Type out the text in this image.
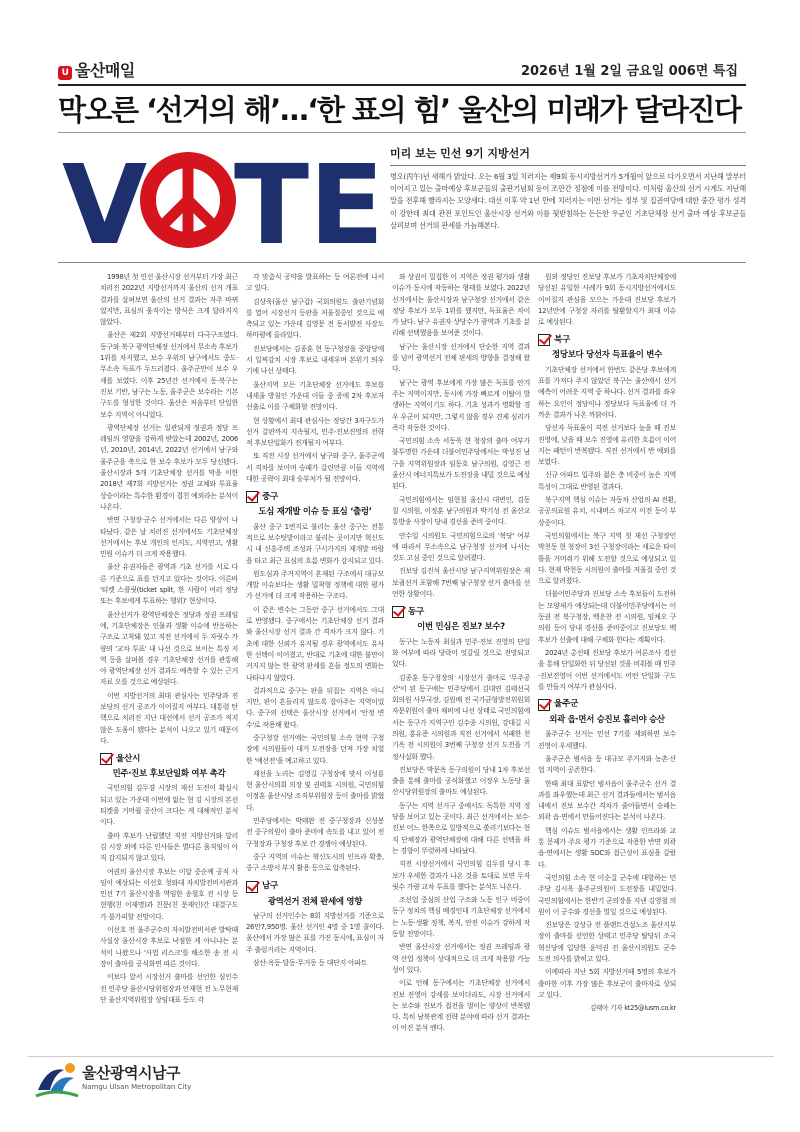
U 울산매일	2026년 1월 2일 금요일 006면 특집
막오른 ‘선거의 해’…‘한 표의 힘’ 울산의 미래가 달라진다
V TE 미리 보는 민선 9기 지방선거
병오(丙午)년 새해가 밝았다. 오는 6월 3일 치러지는 제9회 동시지방선거가 5개월여 앞으로 다가오면서 지난해 말부터 이어지고 있는 출마예상 후보군들의 출판기념회 등이 조만간 정점에 이를 전망이다. 이처럼 울산의 선거 시계도 지난해말을 전후해 빨라지는 모양새다. 대선 이후 약 1년 만에 치러지는 이번 선거는 정부 및 집권여당에 대한 중간 평가 성격이 강한데 최대 관전 포인트인 울산시장 선거와 이를 뒷받침하는 든든한 우군인 기초단체장 선거 출마 예상 후보군들 살펴보며 선거의 판세를 가늠해본다.

1998년 첫 민선 울산시장 선거부터 가장 최근 치러진 2022년 지방선거까지 울산의 선거 개표 결과를 살펴보면 울산의 선거 결과는 자주 바뀌었지만, 표심의 움직이는 방식은 크게 달라지지 않았다.

울산은 제2회 지방선거때부터 다극구조였다. 동구와 북구 광역단체장 선거에서 무소속 후보가 1위를 차지했고, 보수 우위의 남구에서도 중도·무소속 득표가 두드러졌다. 울주군만이 보수 우세를 보였다. 이후 25년간 선거에서 동·북구는 진보 기반, 남구는 노동, 울주군은 보수라는 기본 구도를 형성한 것이다. 울산은 처음부터 단일한 보수 지역이 아니었다.

광역단체장 선거는 일관되게 정권과 정당 프레임의 영향을 강하게 받았는데 2002년, 2006년, 2010년, 2014년, 2022년 선거에서 남구와 울주군을 축으로 한 보수 후보가 모두 당선됐다. 울산시장과 5개 기초단체장 선거를 막을 이한 2018년 제7회 지방선거는 정권 교체와 투표율 상승이라는 특수한 환경이 겹친 예외라는 분석이 나온다.

반면 구청장·군수 선거에서는 다른 양상이 나타났다. 같은 날 치러진 선거에서도 기초단체장 선거에서는 후보 개인의 인지도, 지역연고, 생활 민원 이슈가 더 크게 작용했다.

울산 유권자들은 광역과 기초 선거를 서로 다른 기준으로 표를 던지고 있다는 것이다. 이른바 '티켓 스플릿(ticket split, 한 사람이 여러 정당 또는 후보에게 투표하는 행위)' 현상이다.

울산선거가 광역단체장은 정당과 정권 프레임에, 기초단체장은 인물과 생활 이슈에 반응하는 구조로 고착돼 있고 직전 선거에서 두 자릿수 가량의 '교차 투표' 내 나선 것으로 보이는 특징 지역 등을 살펴볼 경우 기초단체장 선거를 관통해야 광역단체장 선거 결과도 예측할 수 있는 근거자료 오를 것으로 예상된다.

이번 지방선거의 최대 관심사는 민주당과 진보당의 선거 공조가 이어질지 여부다. 대통령 탄핵으로 치러진 지난 대선에서 선거 공조가 적지 않은 도움이 됐다는 분석이 나오고 있기 때문이다.

울산시
민주·진보 후보단일화 여부 촉각

국민의힘 김두겸 시장의 재선 도전이 확실시되고 있는 가운데 이번에 없는 현 김 시장의 본선 티켓을 거머쥘 공산이 크다는 게 대체적인 분석이다.

출마 후보가 난립했던 직전 지방선거와 달리 김 시장 외에 다른 인사들은 별다른 움직임이 아직 감지되지 않고 있다.

여권의 울산시장 후보는 이달 중순께 공직 사임이 예상되는 이선호 청와대 자치발전비서관과 민선 7기 울산시장을 역임한 송철호 전 시장 등 현행(친 이재명)과 친문(친 문재인)간 대결구도가 불가피할 전망이다.

이선호 전 울주군수의 자치발전비서관 발탁때 사실상 울산시장 후보로 낙점한 게 아니냐는 분석이 나왔으나 '사법 리스크'를 해소한 송 전 시장이 출마를 공식화면 따른 것이다.

이보다 앞서 시장선거 출마를 선언한 심인수 전 민주당 울산시당위원장과 안재현 전 노무현재단 울산지역위원장 상임대표 등도 각

각 맞춤식 공약을 발표하는 등 여론전에 나서고 있다.

김상욱(울산 남구갑) 국회의원도 출판기념회를 열어 시장선거 등판을 저울질중인 것으로 예측되고 있는 가운데 김영문 전 동서발전 사장도 하마평에 올라있다.

진보당에서는 김종훈 현 동구청장을 중앙당에서 일찌감치 시장 후보로 내세우며 본위기 띄우기에 나선 상태다.

울산지역 모든 기초단체장 선거에도 후보를 내세울 방침인 가운데 이들 중 증에 2차 후보자 선출로 이를 구체화할 전망이다.

현 상황에서 최대 관심사는 정당간 3자구도가 선거 갈판까지 지속될지, 민주·진보진영의 전략적 후보단일화가 전개될지 여부다.

또 직전 시장 선거에서 남구와 중구, 울주군에서 격차를 보이며 승패가 갈린만큼 이들 지역에 대한 공략이 최대 승부처가 될 전망이다.

중구
도심 재개발 이슈 등 표심 ‘출렁’

울산 중구 1번지로 불리는 울산 중구는 전통적으로 보수텃밭이라고 불리는 곳이지만 혁신도시 내 신흥주택 조성과 구시가지의 재개발 바람을 타고 최근 표심의 흐름 변화가 감지되고 있다.

원도심과 주거지역이 혼재된 구조에서 대규모 개발 이슈보다는 생활 밀착형 정책에 대한 평가가 선거에 더 크게 작용하는 구조다.

이 같은 변수는 그동안 중구 선거에서도 그대로 반영됐다. 중구에서는 기초단체장 선거 결과와 울산시장 선거 결과 간 격차가 크지 않다. 기초에 대한 신뢰가 유지될 경우 광역에서도 유사한 선택이 이어졌고, 반대로 기초에 대한 불만이 커지지 않는 한 광역 판세를 흔들 정도의 변화는 나타나지 않았다.

결과적으로 중구는 판을 뒤집는 지역은 아니지만, 판이 흔들리지 않도록 잡아주는 지역이었다. 중구의 선택은 울산시장 선거에서 '안정 변수'로 작용해 왔다.

중구청장 선거에는 국민의힘 소속 현역 구청장에 시의원들이 대거 도전장을 던져 가장 치열한 '예선전'을 예고하고 있다.

재선을 노리는 김영길 구청장에 맞서 이성룡 현 울산시의회 의장 및 권태호 시의원, 국민의힘 이정훈 울산시당 조직부위원장 등이 출마를 밝혔다.

민주당에서는 박태완 전 중구청장과 신성봉 전 중구의원이 출마 준비에 속도를 내고 있어 전 구청장과 구청장 후보 간 경쟁이 예상된다.

중구 지역의 이슈는 혁신도시의 인프라 확충, 중구 소방서 부지 활용 등으로 압축된다.

남구
광역선거 전체 판세에 영향

남구의 선거인수는 8회 지방선거를 기준으로 26만7,950명. 울산 선거인 4명 중 1명 꼴이다. 울산에서 가장 많은 표를 가진 동시에, 표심이 자주 출렁거리는 지역이다.

삼산·옥동·달동·무거동 등 대단지 아파트

와 상권이 밀집한 이 지역은 정권 평가와 생활 이슈가 동시에 작동하는 형태를 보였다. 2022년 선거에서는 울산시장과 남구청장 선거에서 같은 정당 후보가 모두 1위를 했지만, 득표율은 차이가 났다. 남구 유권자 상당수가 광역과 기초를 분리해 선택했음을 보여준 것이다.

남구는 울산시장 선거에서 단순한 지역 결과를 넘어 광역선거 전체 판세의 방향을 결정해 왔다.

남구는 광역 후보에게 가장 많은 득표를 안겨주는 지역이지만, 동시에 가장 빠르게 이탈이 발생하는 지역이기도 하다. 기초 성과가 명확할 경우 우군이 되지만, 그렇지 않을 경우 견제 심리가 즉각 작동한 것이다.

국민의힘 소속 서동욱 현 청장의 출마 여부가 불투명한 가운데 더불어민주당에서는 박성진 남구을 지역위원장과 임동호 남구의원, 김영근 전 울산시 에너지특보가 도전장을 내밀 것으로 예상된다.

국민의힘에서는 임현철 울산시 대변인, 김동칠 시의원, 이정훈 남구의원과 박기성 전 울산교통방송 사장이 당내 경선을 준비 중이다.

안수일 시의원도 국민의힘으로의 '복당' 여부에 따라서 무소속으로 남구청장 선거에 나서는 것도 고심 중인 것으로 알려졌다.

진보당 김진석 울산시당 남구지역위원장은 재보궐선거 포함해 7번째 남구청장 선거 출마를 선언한 상황이다.

동구
이번 민심은 진보? 보수?

동구는 노동자 최심과 민주·진보 진영의 단일화 여부에 따라 당락이 엇갈릴 것으로 전망되고 있다.

김종훈 동구청장의 시장선거 출마로 '무주공산'이 된 동구에는 민주당에서 김대연 김태선국회의원 사무국장, 김원배 전 국가균형발전위원회 자문위원이 출마 채비에 나선 상태로 국민의힘에서는 동구가 지역구인 김수종 시의원, 강대길 시의원, 홍유준 시의원과 직전 선거에서 석패한 천기옥 전 시의원이 3번째 구청장 선거 도전을 기정사실화 했다.

진보당은 박문옥 동구의원이 당내 1차 후보선출을 통해 출마를 공식화했고 이장우 노동당 울산시당위원장의 출마도 예상된다.

동구는 지역 선거구 중에서도 독특한 지역 정당을 보이고 있는 곳이다. 최근 선거에서는 보수·진보 어느 한쪽으로 일방적으로 쏠리기보다는 현직 단체장과 광역단체장에 대해 다른 선택을 하는 경향이 뚜렷하게 나타났다.

직전 시장선거에서 국민의힘 김두겸 당시 후보가 우세한 결과가 나온 것을 토대로 보면 두자릿수 가량 교차 투표를 했다는 분석도 나온다.

조선업 중심의 산업 구조와 노동 인구 비중이 동구 정치의 핵심 배경인데 기초단체장 선거에서는 노동·생활 정책, 복지, 안전 이슈가 강하게 작동할 전망이다.

반면 울산시장 선거에서는 정권 프레임과 광역 산업 정책이 상대적으로 더 크게 작용할 가능성이 있다.

이로 인해 동구에서는 기초단체장 선거에서 진보 진영이 강세를 보이더라도, 시장 선거에서는 보수와 진보가 접전을 벌이는 양상이 반복됐다. 특히 남북관계 전략 분야에 따라 선거 결과는 이 어진 분석 엔다.

원외 정당인 진보당 후보가 기초자치단체장에 당선된 유일한 사례가 9회 동시지방선거에서도 이어질지 관심을 모으는 가운데 진보당 후보가 12년만에 구청장 자리를 탈환할지가 최대 이슈로 예상된다.

북구
정당보다 당선자 득표율이 변수

기초단체장 선거에서 한번도 같은당 후보에게 표를 가져다 주지 않았던 북구는 울산에서 선거 예측이 어려운 지역 중 하나다. 선거 결과를 좌우하는 요인이 정당이나 정당보다 득표율에 더 가까운 결과가 나온 까닭이다.

당선자 득표율이 직전 선거보다 높을 때 진보 진영에, 낮을 때 보수 진영에 유리한 흐름이 이어지는 패턴이 반복됐다. 직전 선거에서 반 예외를 보였다.

신규 아파트 입주와 젊은 층 비중이 높은 지역 특성이 그대로 반영된 결과다.

북구지역 핵심 이슈는 자동차 산업의 AI 전환, 공공의료원 유치, 시내버스 차고지 이전 등이 부상중이다.

국민의힘에서는 북구 지역 첫 재선 구청장인 박천동 현 청장이 3선 구청장이라는 새로운 타이틀을 거머쥐기 위해 도전할 것으로 예상되고 있다. 현재 박천동 시의원이 출마를 저울질 중인 것으로 알려졌다.

더불어민주당과 진보당 소속 후보들이 도전하는 모양새가 예상되는데 더불어민주당에서는 이동권 전 북구청장, 백운찬 전 시의원, 임채오 구의원 등이 당내 경선을 준비중이고 진보당도 백 후보가 선출에 대해 구체화 한다는 계획이다.

2024년 총선때 진보당 후보가 여론조사 경선을 통해 단일화한 뒤 당선된 것을 비춰볼 때 민주·진보진영이 이번 선거에서도 어떤 단일화 구도를 만들지 여부가 관심사다.

울주군
외곽 읍·면서 승진보 흘러야 승산

울주군수 선거는 민선 7기를 제외하면 보수 진영이 우세했다.

울주군은 범서읍 등 대규모 주거지와 농촌·산업 지역이 공존한다.

한때 최대 표밭인 범서읍이 울주군수 선거 결과를 좌우했는데 최근 선거 결과들에서는 범서읍 내에서 진보 보수간 격차가 줄어들면서 승패는 외곽 읍·면에서 만들어진다는 분석이 나온다.

핵심 이슈도 범서읍에서는 생활 인프라와 교통 문제가 주요 평가 기준으로 작용한 반면 외곽 읍·면에서는 생활 SOC와 접근성이 표심을 갈랐다.

국민의힘 소속 현 이순걸 군수에 대항하는 민주당 김시욱 울주군의원이 도전장을 내밀었다. 국민의힘에서는 한반기 군의장을 지낸 김영철 의원이 이 군수와 경선을 벌일 것으로 예상된다.

진보당은 강상규 전 플랜트건설노조 울산지부장이 출마를 선언한 상태고 민주당 탈당뒤 조국혁신당에 입당한 윤덕권 전 울산시의원도 군수 도전 의사를 밝히고 있다.

이에따라 지난 5회 지방선거때 5명의 후보가 출마한 이후 가장 많은 후보군이 출마자로 상되고 있다.

김태아 기자 kt25@iusm.co.kr
울산광역시남구
Namgu Ulsan Metropolitan City
